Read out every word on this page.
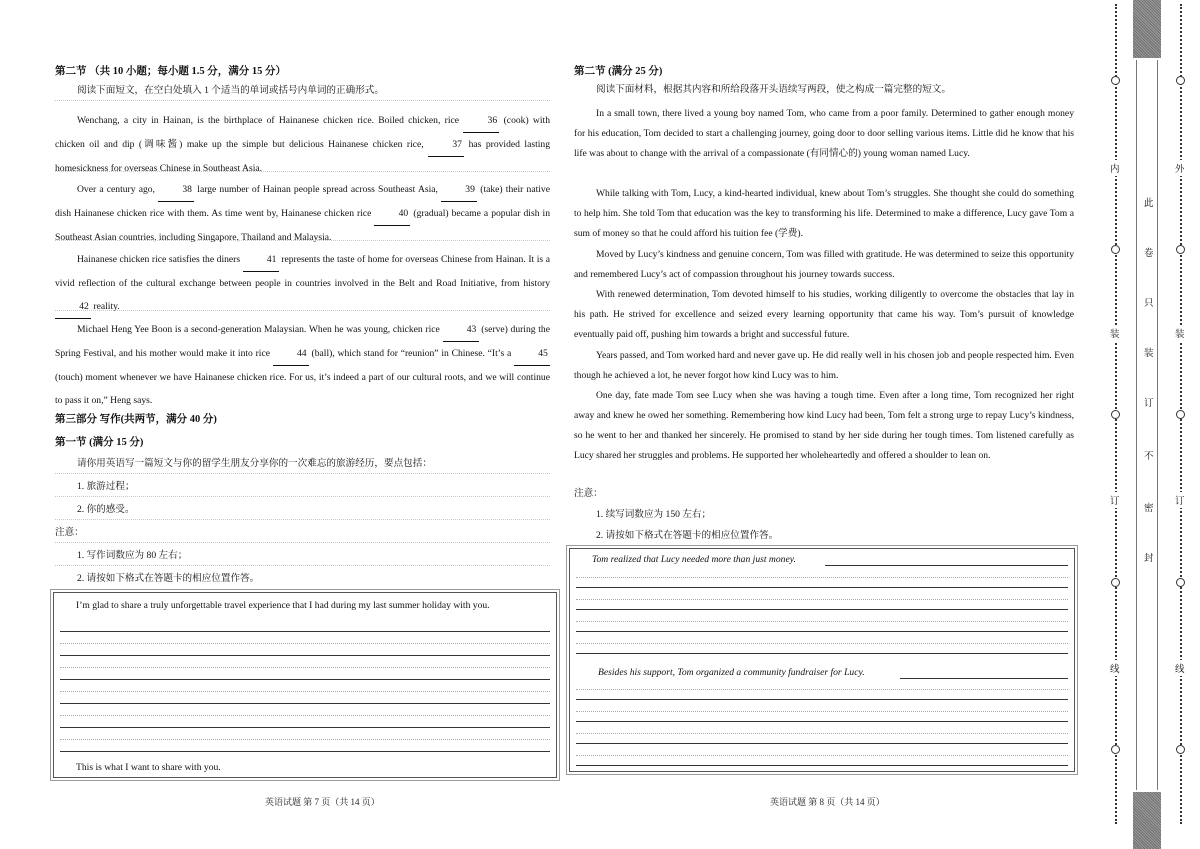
第二节 （共 10 小题；每小题 1.5 分，满分 15 分）
阅读下面短文，在空白处填入 1 个适当的单词或括号内单词的正确形式。
Wenchang, a city in Hainan, is the birthplace of Hainanese chicken rice. Boiled chicken, rice	36 (cook) with chicken oil and dip (调味酱) make up the simple but delicious Hainanese chicken rice,	37 has provided lasting homesickness for overseas Chinese in Southeast Asia.
Over a century ago,	38 large number of Hainan people spread across Southeast Asia,	39 (take) their native dish Hainanese chicken rice with them. As time went by, Hainanese chicken rice	40 (gradual) became a popular dish in Southeast Asian countries, including Singapore, Thailand and Malaysia.
Hainanese chicken rice satisfies the diners	41 represents the taste of home for overseas Chinese from Hainan. It is a vivid reflection of the cultural exchange between people in countries involved in the Belt and Road Initiative, from history 42 reality.
Michael Heng Yee Boon is a second-generation Malaysian. When he was young, chicken rice	43 (serve) during the Spring Festival, and his mother would make it into rice	44 (ball), which stand for “reunion” in Chinese. “It’s a	45 (touch) moment whenever we have Hainanese chicken rice. For us, it’s indeed a part of our cultural roots, and we will continue to pass it on,” Heng says.
第三部分 写作(共两节，满分 40 分)
第一节 (满分 15 分)
请你用英语写一篇短文与你的留学生朋友分享你的一次难忘的旅游经历，要点包括：
1. 旅游过程；
2. 你的感受。
注意：
1. 写作词数应为 80 左右；
2. 请按如下格式在答题卡的相应位置作答。
I’m glad to share a truly unforgettable travel experience that I had during my last summer holiday with you.
This is what I want to share with you.
英语试题 第 7 页（共 14 页）
第二节 (满分 25 分)
阅读下面材料，根据其内容和所给段落开头语续写两段，使之构成一篇完整的短文。
In a small town, there lived a young boy named Tom, who came from a poor family. Determined to gather enough money for his education, Tom decided to start a challenging journey, going door to door selling various items. Little did he know that his life was about to change with the arrival of a compassionate (有同情心的) young woman named Lucy.
While talking with Tom, Lucy, a kind-hearted individual, knew about Tom’s struggles. She thought she could do something to help him. She told Tom that education was the key to transforming his life. Determined to make a difference, Lucy gave Tom a sum of money so that he could afford his tuition fee (学费).
Moved by Lucy’s kindness and genuine concern, Tom was filled with gratitude. He was determined to seize this opportunity and remembered Lucy’s act of compassion throughout his journey towards success.
With renewed determination, Tom devoted himself to his studies, working diligently to overcome the obstacles that lay in his path. He strived for excellence and seized every learning opportunity that came his way. Tom’s pursuit of knowledge eventually paid off, pushing him towards a bright and successful future.
Years passed, and Tom worked hard and never gave up. He did really well in his chosen job and people respected him. Even though he achieved a lot, he never forgot how kind Lucy was to him.
One day, fate made Tom see Lucy when she was having a tough time. Even after a long time, Tom recognized her right away and knew he owed her something. Remembering how kind Lucy had been, Tom felt a strong urge to repay Lucy’s kindness, so he went to her and thanked her sincerely. He promised to stand by her side during her tough times. Tom listened carefully as Lucy shared her struggles and problems. He supported her wholeheartedly and offered a shoulder to lean on.
注意：
1. 续写词数应为 150 左右；
2. 请按如下格式在答题卡的相应位置作答。
Tom realized that Lucy needed more than just money.
Besides his support, Tom organized a community fundraiser for Lucy.
英语试题 第 8 页（共 14 页）
内
装
订
线
此
卷
只
装
订
不
密
封
外
装
订
线
